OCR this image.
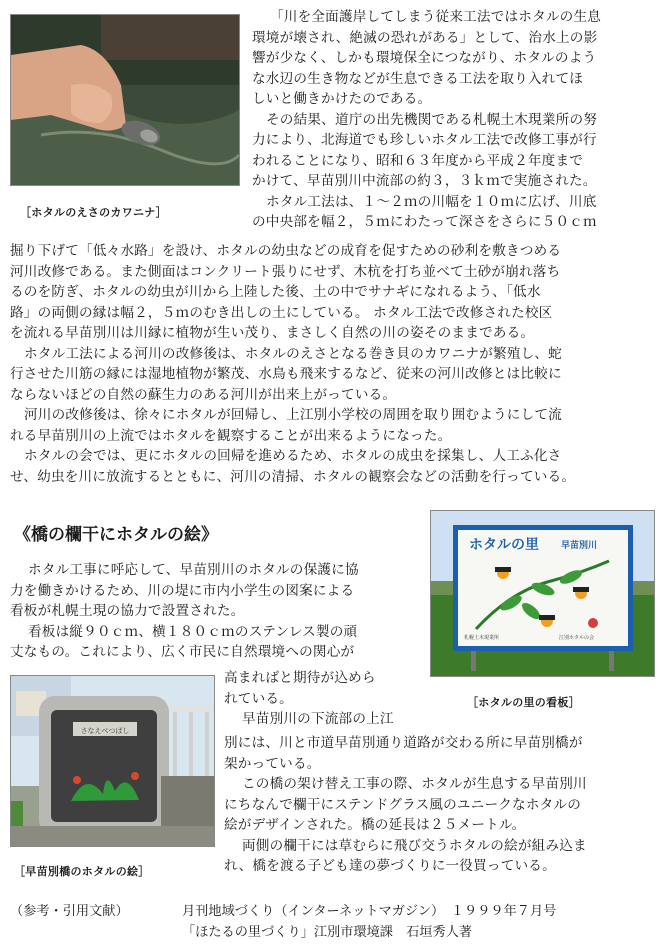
［ホタルのえさのカワニナ］
「川を全面護岸してしまう従来工法ではホタルの生息
環境が壊され、絶滅の恐れがある」として、治水上の影
響が少なく、しかも環境保全につながり、ホタルのよう
な水辺の生き物などが生息できる工法を取り入れてほ
しいと働きかけたのである。
その結果、道庁の出先機関である札幌土木現業所の努
力により、北海道でも珍しいホタル工法で改修工事が行
われることになり、昭和６３年度から平成２年度まで
かけて、早苗別川中流部の約３，３ｋｍで実施された。
ホタル工法は、１～２ｍの川幅を１０ｍに広げ、川底
の中央部を幅２，５ｍにわたって深さをさらに５０ｃｍ
掘り下げて「低々水路」を設け、ホタルの幼虫などの成育を促すための砂利を敷きつめる
河川改修である。また側面はコンクリート張りにせず、木杭を打ち並べて土砂が崩れ落ち
るのを防ぎ、ホタルの幼虫が川から上陸した後、土の中でサナギになれるよう、「低水
路」の両側の縁は幅２，５ｍのむき出しの土にしている。 ホタル工法で改修された校区
を流れる早苗別川は川縁に植物が生い茂り、まさしく自然の川の姿そのままである。
ホタル工法による河川の改修後は、ホタルのえさとなる巻き貝のカワニナが繁殖し、蛇
行させた川筋の縁には湿地植物が繁茂、水鳥も飛来するなど、従来の河川改修とは比較に
ならないほどの自然の蘇生力のある河川が出来上がっている。
河川の改修後は、徐々にホタルが回帰し、上江別小学校の周囲を取り囲むようにして流
れる早苗別川の上流ではホタルを観察することが出来るようになった。
ホタルの会では、更にホタルの回帰を進めるため、ホタルの成虫を採集し、人工ふ化さ
せ、幼虫を川に放流するとともに、河川の清掃、ホタルの観察会などの活動を行っている。
《橋の欄干にホタルの絵》
ホタル工事に呼応して、早苗別川のホタルの保護に協
力を働きかけるため、川の堤に市内小学生の図案による
看板が札幌土現の協力で設置された。
看板は縦９０ｃｍ、横１８０ｃｍのステンレス製の頑
丈なもの。これにより、広く市民に自然環境への関心が
ホタルの里 早苗別川
札幌土木現業所	江別ホタルの会
［ホタルの里の看板］
さなえべつばし
［早苗別橋のホタルの絵］
高まればと期待が込めら
れている。
早苗別川の下流部の上江
別には、川と市道早苗別通り道路が交わる所に早苗別橋が
架かっている。
この橋の架け替え工事の際、ホタルが生息する早苗別川
にちなんで欄干にステンドグラス風のユニークなホタルの
絵がデザインされた。橋の延長は２５メートル。
両側の欄干には草むらに飛び交うホタルの絵が組み込ま
れ、橋を渡る子ども達の夢づくりに一役買っている。
（参考・引用文献）	月刊地域づくり（インターネットマガジン）　１９９９年７月号
「ほたるの里づくり」江別市環境課　石垣秀人著
